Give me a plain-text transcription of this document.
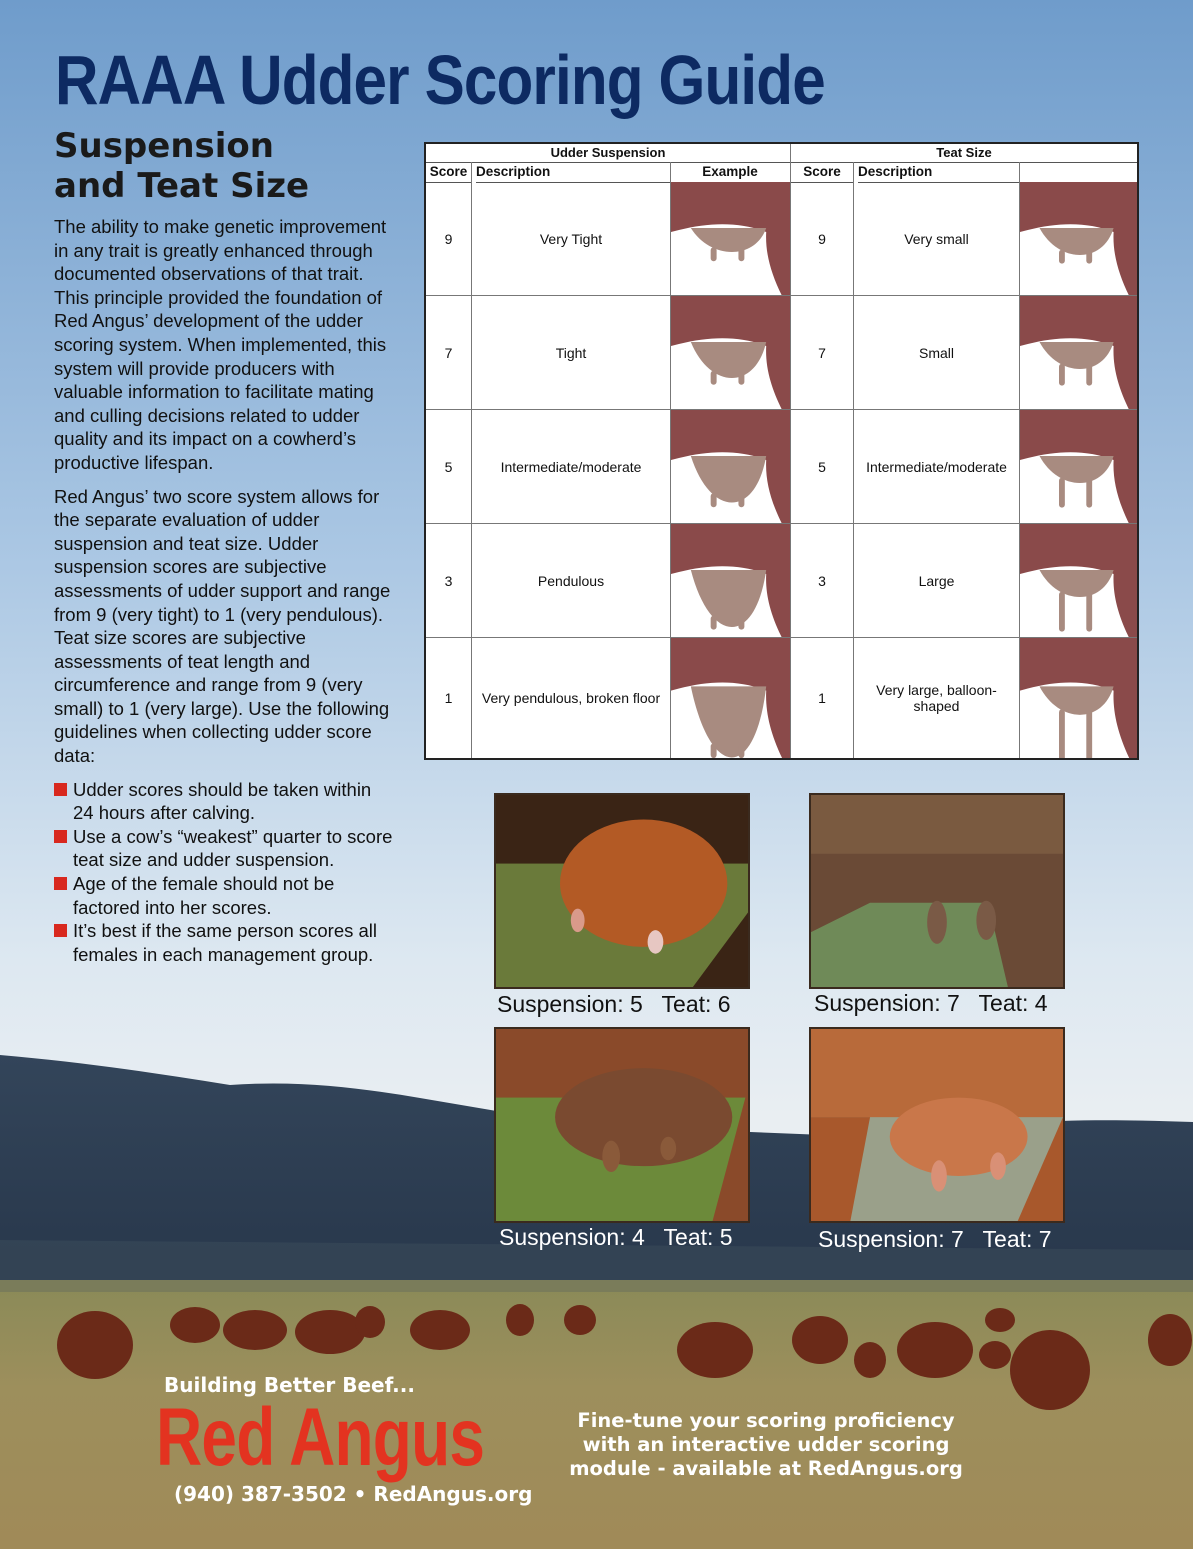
RAAA Udder Scoring Guide
Suspension
and Teat Size

The ability to make genetic improvement in any trait is greatly enhanced through documented observations of that trait. This principle provided the foundation of Red Angus’ development of the udder scoring system. When implemented, this system will provide producers with valuable information to facilitate mating and culling decisions related to udder quality and its impact on a cowherd’s productive lifespan.

Red Angus’ two score system allows for the separate evaluation of udder suspension and teat size. Udder suspension scores are subjective assessments of udder support and range from 9 (very tight) to 1 (very pendulous). Teat size scores are subjective assessments of teat length and circumference and range from 9 (very small) to 1 (very large). Use the following guidelines when collecting udder score data:

Udder scores should be taken within 24 hours after calving.
Use a cow’s “weakest” quarter to score teat size and udder suspension.
Age of the female should not be factored into her scores.
It’s best if the same person scores all females in each management group.
Udder Suspension	Teat Size
Score Description	Example	Score	Description
9	Very Tight	9	Very small
7	Tight	7	Small
5	Intermediate/moderate	5	Intermediate/moderate
3	Pendulous	3	Large
1	Very pendulous, broken floor	1	Very large, balloon-shaped
Suspension: 5   Teat: 6	Suspension: 7   Teat: 4
Suspension: 4   Teat: 5	Suspension: 7   Teat: 7
Building Better Beef...
Red Angus
(940) 387-3502 • RedAngus.org
Fine-tune your scoring proficiency with an interactive udder scoring module - available at RedAngus.org
